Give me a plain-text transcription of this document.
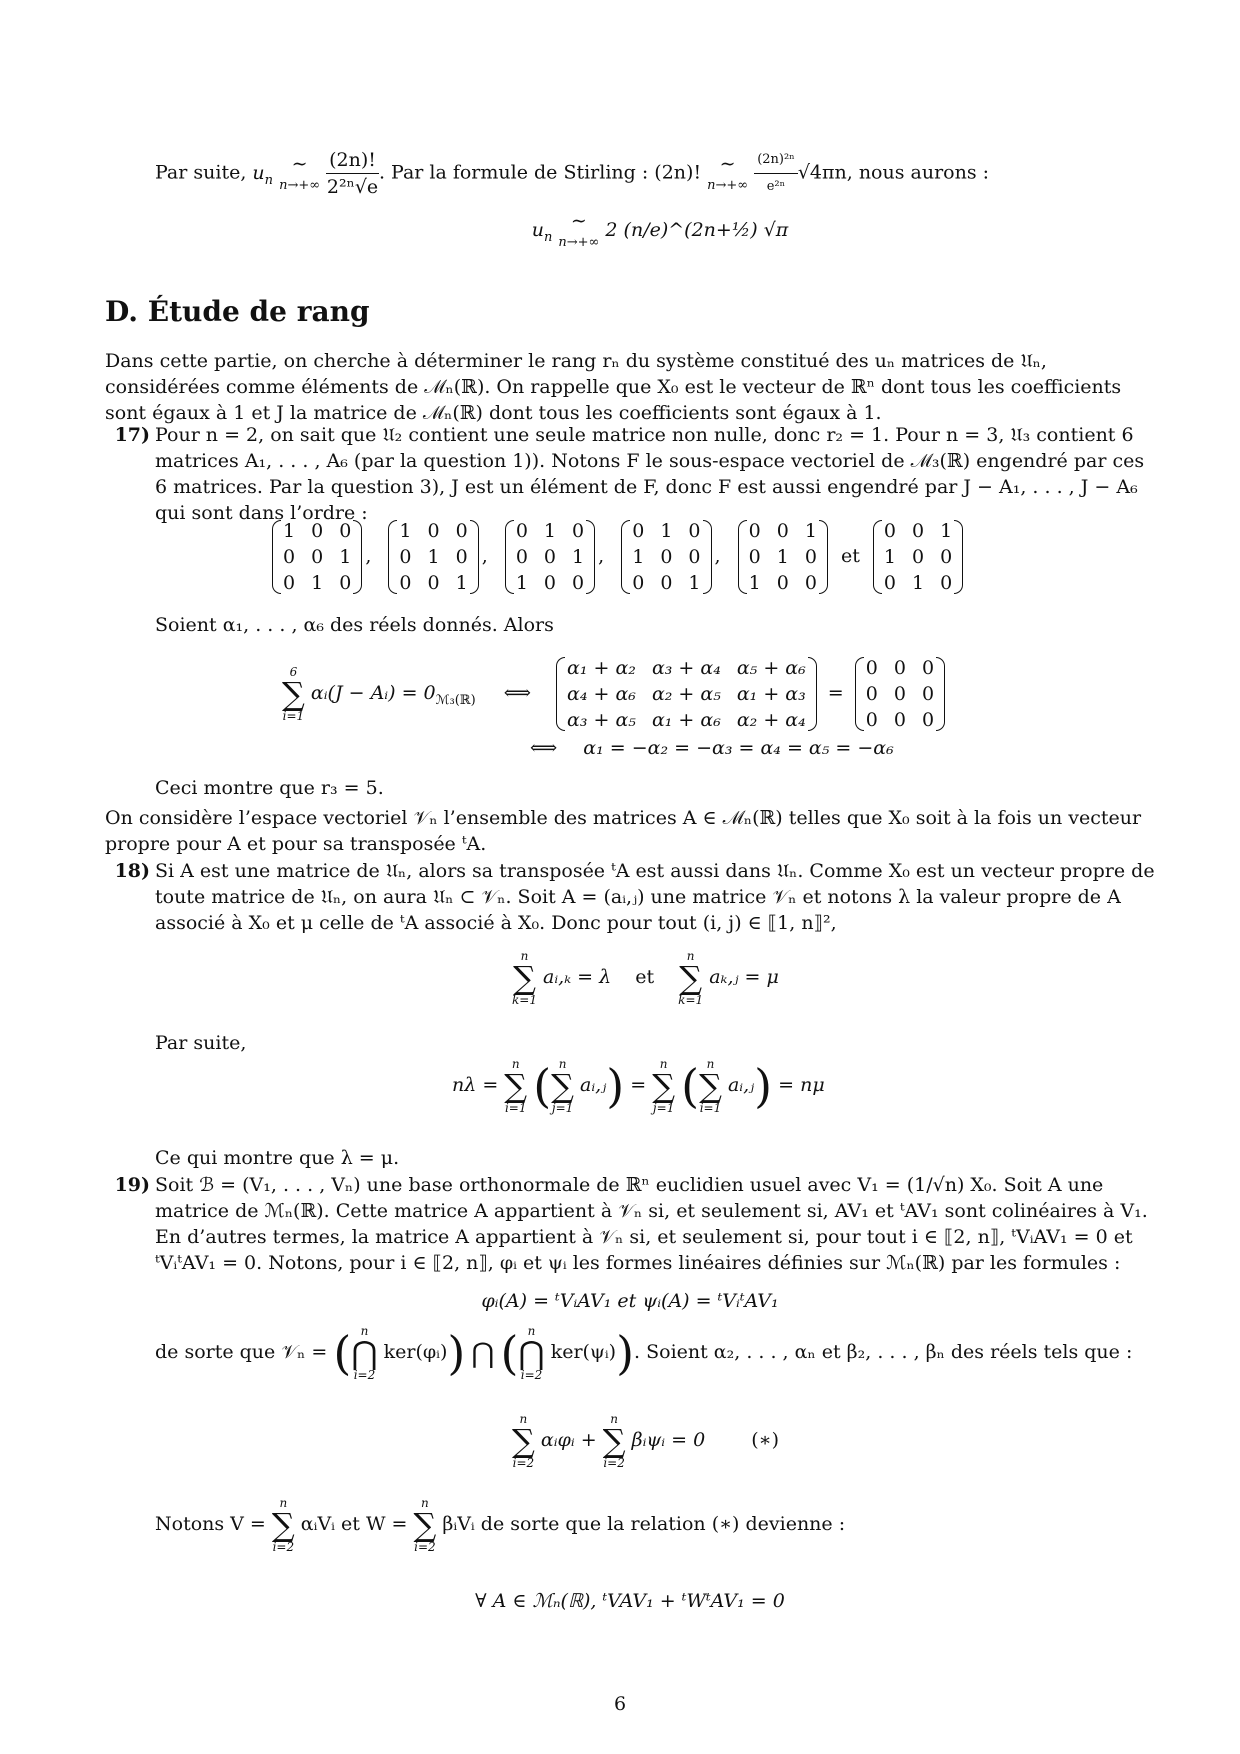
Par suite, $u_n$
∼
$n\to+\infty \frac{(2n)!}{\text{2²ⁿ√e}}$ . Par la formule de Stirling : (2n)! ∼
$n\to+\infty \frac{\text{(2n)²ⁿ}}{\text{e²ⁿ}} √4\pi n$, nous aurons :
$u_n$
∼
n→+∞ 2 (n/e)^(2n+½) √π
D. Étude de rang
Dans cette partie, on cherche à déterminer le rang rₙ du système constitué des uₙ matrices de 𝔘ₙ, considérées comme éléments de ℳₙ(ℝ). On rappelle que X₀ est le vecteur de ℝⁿ dont tous les coefficients sont égaux à 1 et J la matrice de ℳₙ(ℝ) dont tous les coefficients sont égaux à 1.
17) Pour n = 2, on sait que 𝔘₂ contient une seule matrice non nulle, donc r₂ = 1. Pour n = 3, 𝔘₃ contient 6 matrices A₁, . . . , A₆ (par la question 1)). Notons F le sous-espace vectoriel de ℳ₃(ℝ) engendré par ces 6 matrices. Par la question 3), J est un élément de F, donc F est aussi engendré par J − A₁, . . . , J − A₆ qui sont dans l’ordre :
1	0	0
0	0	1
0	1	0
,
1	0	0
0	1	0
0	0	1
,
0	1	0
0	0	1
1	0	0
,
0	1	0
1	0	0
0	0	1
,
0	0	1
0	1	0
1	0	0
et
0	0	1
1	0	0
0	1	0
Soient α₁, . . . , α₆ des réels donnés. Alors
6
∑
i=1
αᵢ(J − Aᵢ) = $0_{ℳ_3(ℝ)}$ ⟺
α₁ + α₂	α₃ + α₄	α₅ + α₆
α₄ + α₆	α₂ + α₅	α₁ + α₃
α₃ + α₅	α₁ + α₆	α₂ + α₄
=
0	0	0
0	0	0
0	0	0
⟺ α₁ = −α₂ = −α₃ = α₄ = α₅ = −α₆
Ceci montre que r₃ = 5.
On considère l’espace vectoriel 𝒱ₙ l’ensemble des matrices A ∈ ℳₙ(ℝ) telles que X₀ soit à la fois un vecteur propre pour A et pour sa transposée ᵗA.
18) Si A est une matrice de 𝔘ₙ, alors sa transposée ᵗA est aussi dans 𝔘ₙ. Comme X₀ est un vecteur propre de toute matrice de 𝔘ₙ, on aura 𝔘ₙ ⊂ 𝒱ₙ. Soit A = (aᵢ,ⱼ) une matrice 𝒱ₙ et notons λ la valeur propre de A associé à X₀ et μ celle de ᵗA associé à X₀. Donc pour tout (i, j) ∈ ⟦1, n⟧²,
n
∑
k=1
aᵢ,ₖ = λ et
n
∑
k=1
aₖ,ⱼ = μ
Par suite,
nλ =
n
∑
i=1 ( n
∑
j=1
aᵢ,ⱼ) =
n
∑
j=1 ( n
∑
i=1
aᵢ,ⱼ) = nμ
Ce qui montre que λ = μ.
19) Soit ℬ = (V₁, . . . , Vₙ) une base orthonormale de ℝⁿ euclidien usuel avec V₁ = (1/√n) X₀. Soit A une matrice de ℳₙ(ℝ). Cette matrice A appartient à 𝒱ₙ si, et seulement si, AV₁ et ᵗAV₁ sont colinéaires à V₁. En d’autres termes, la matrice A appartient à 𝒱ₙ si, et seulement si, pour tout i ∈ ⟦2, n⟧, ᵗVᵢAV₁ = 0 et ᵗVᵢᵗAV₁ = 0. Notons, pour i ∈ ⟦2, n⟧, φᵢ et ψᵢ les formes linéaires définies sur ℳₙ(ℝ) par les formules :
φᵢ(A) = ᵗVᵢAV₁ et ψᵢ(A) = ᵗVᵢᵗAV₁
de sorte que 𝒱ₙ = ( n
⋂
i=2
ker(φᵢ)) ⋂ ( n
⋂
i=2
ker(ψᵢ)). Soient α₂, . . . , αₙ et β₂, . . . , βₙ des réels tels que :
n
∑
i=2
αᵢφᵢ +
n
∑
i=2
βᵢψᵢ = 0 (∗)
Notons V =
n
∑
i=2
αᵢVᵢ et W =
n
∑
i=2
βᵢVᵢ de sorte que la relation (∗) devienne :
∀ A ∈ ℳₙ(ℝ), ᵗVAV₁ + ᵗWᵗAV₁ = 0
6
